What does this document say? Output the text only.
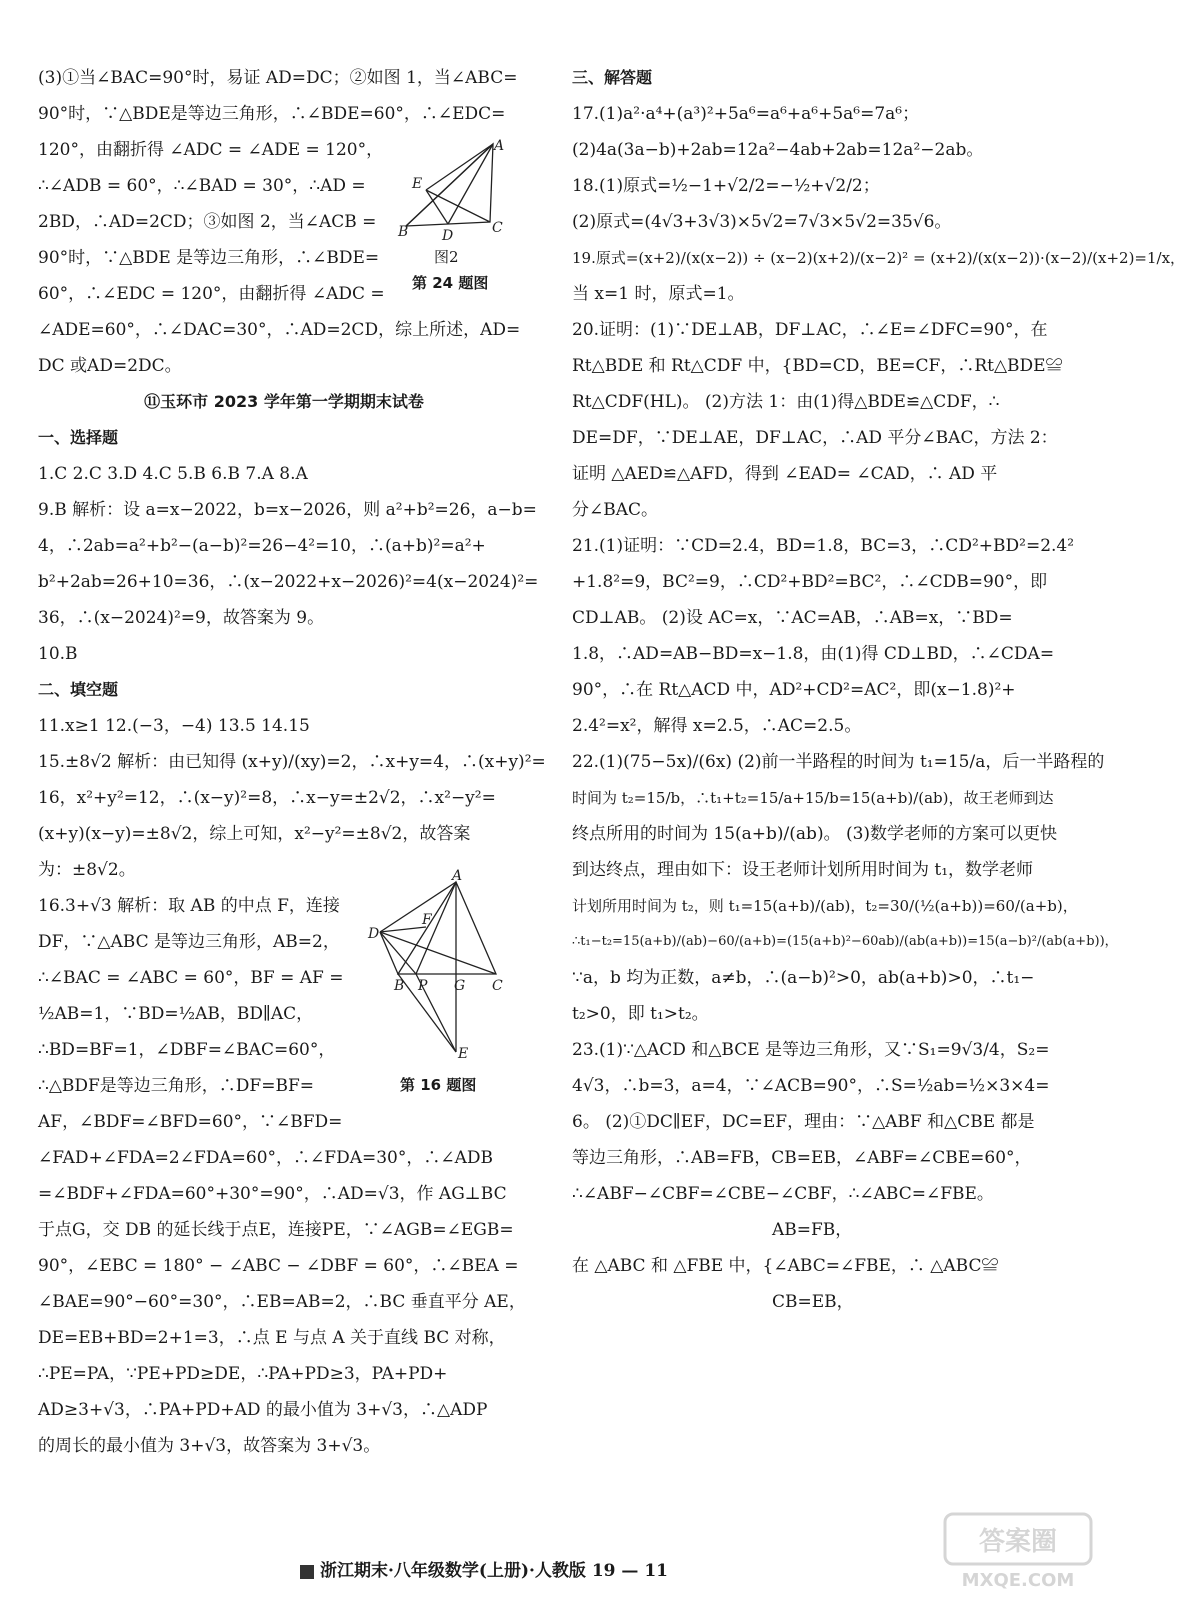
(3)①当∠BAC=90°时，易证 AD=DC；②如图 1，当∠ABC=
90°时，∵△BDE是等边三角形，∴∠BDE=60°，∴∠EDC=
120°，由翻折得 ∠ADC = ∠ADE = 120°，
∴∠ADB = 60°，∴∠BAD = 30°，∴AD =
2BD，∴AD=2CD；③如图 2，当∠ACB =
90°时，∵△BDE 是等边三角形，∴∠BDE=
60°，∴∠EDC = 120°，由翻折得 ∠ADC =
∠ADE=60°，∴∠DAC=30°，∴AD=2CD，综上所述，AD=
DC 或AD=2DC。
⑪玉环市 2023 学年第一学期期末试卷
一、选择题
1.C 2.C 3.D 4.C 5.B 6.B 7.A 8.A
9.B 解析：设 a=x−2022，b=x−2026，则 a²+b²=26，a−b=
4，∴2ab=a²+b²−(a−b)²=26−4²=10，∴(a+b)²=a²+
b²+2ab=26+10=36，∴(x−2022+x−2026)²=4(x−2024)²=
36，∴(x−2024)²=9，故答案为 9。
10.B
二、填空题
11.x≥1 12.(−3，−4) 13.5 14.15
15.±8√2 解析：由已知得 (x+y)/(xy)=2，∴x+y=4，∴(x+y)²=
16，x²+y²=12，∴(x−y)²=8，∴x−y=±2√2，∴x²−y²=
(x+y)(x−y)=±8√2，综上可知，x²−y²=±8√2，故答案
为：±8√2。
16.3+√3 解析：取 AB 的中点 F，连接
DF，∵△ABC 是等边三角形，AB=2，
∴∠BAC = ∠ABC = 60°，BF = AF =
½AB=1，∵BD=½AB，BD∥AC，
∴BD=BF=1，∠DBF=∠BAC=60°，
∴△BDF是等边三角形，∴DF=BF=
AF，∠BDF=∠BFD=60°，∵∠BFD=
∠FAD+∠FDA=2∠FDA=60°，∴∠FDA=30°，∴∠ADB
=∠BDF+∠FDA=60°+30°=90°，∴AD=√3，作 AG⊥BC
于点G，交 DB 的延长线于点E，连接PE，∵∠AGB=∠EGB=
90°，∠EBC = 180° − ∠ABC − ∠DBF = 60°，∴∠BEA =
∠BAE=90°−60°=30°，∴EB=AB=2，∴BC 垂直平分 AE，
DE=EB+BD=2+1=3，∴点 E 与点 A 关于直线 BC 对称，
∴PE=PA，∵PE+PD≥DE，∴PA+PD≥3，PA+PD+
AD≥3+√3，∴PA+PD+AD 的最小值为 3+√3，∴△ADP
的周长的最小值为 3+√3，故答案为 3+√3。
A
E
B D	C
图2
第 24 题图
A
F
D
B P G C
E
第 16 题图
三、解答题
17.(1)a²·a⁴+(a³)²+5a⁶=a⁶+a⁶+5a⁶=7a⁶；
(2)4a(3a−b)+2ab=12a²−4ab+2ab=12a²−2ab。
18.(1)原式=½−1+√2/2=−½+√2/2；
(2)原式=(4√3+3√3)×5√2=7√3×5√2=35√6。
19.原式=(x+2)/(x(x−2)) ÷ (x−2)(x+2)/(x−2)² = (x+2)/(x(x−2))·(x−2)/(x+2)=1/x，
当 x=1 时，原式=1。
20.证明：(1)∵DE⊥AB，DF⊥AC，∴∠E=∠DFC=90°，在
Rt△BDE 和 Rt△CDF 中，{BD=CD，BE=CF，∴Rt△BDE≌
Rt△CDF(HL)。 (2)方法 1：由(1)得△BDE≌△CDF，∴
DE=DF，∵DE⊥AE，DF⊥AC，∴AD 平分∠BAC，方法 2：
证明 △AED≌△AFD，得到 ∠EAD= ∠CAD，∴ AD 平
分∠BAC。
21.(1)证明：∵CD=2.4，BD=1.8，BC=3，∴CD²+BD²=2.4²
+1.8²=9，BC²=9，∴CD²+BD²=BC²，∴∠CDB=90°，即
CD⊥AB。 (2)设 AC=x，∵AC=AB，∴AB=x，∵BD=
1.8，∴AD=AB−BD=x−1.8，由(1)得 CD⊥BD，∴∠CDA=
90°，∴在 Rt△ACD 中，AD²+CD²=AC²，即(x−1.8)²+
2.4²=x²，解得 x=2.5，∴AC=2.5。
22.(1)(75−5x)/(6x) (2)前一半路程的时间为 t₁=15/a，后一半路程的
时间为 t₂=15/b，∴t₁+t₂=15/a+15/b=15(a+b)/(ab)，故王老师到达
终点所用的时间为 15(a+b)/(ab)。 (3)数学老师的方案可以更快
到达终点，理由如下：设王老师计划所用时间为 t₁，数学老师
计划所用时间为 t₂，则 t₁=15(a+b)/(ab)，t₂=30/(½(a+b))=60/(a+b)，
∴t₁−t₂=15(a+b)/(ab)−60/(a+b)=(15(a+b)²−60ab)/(ab(a+b))=15(a−b)²/(ab(a+b))，
∵a，b 均为正数，a≠b，∴(a−b)²>0，ab(a+b)>0，∴t₁−
t₂>0，即 t₁>t₂。
23.(1)∵△ACD 和△BCE 是等边三角形，又∵S₁=9√3/4，S₂=
4√3，∴b=3，a=4，∵∠ACB=90°，∴S=½ab=½×3×4=
6。 (2)①DC∥EF，DC=EF，理由：∵△ABF 和△CBE 都是
等边三角形，∴AB=FB，CB=EB，∠ABF=∠CBE=60°，
∴∠ABF−∠CBF=∠CBE−∠CBF，∴∠ABC=∠FBE。
AB=FB，
在 △ABC 和 △FBE 中，{∠ABC=∠FBE，∴ △ABC≌
CB=EB，
浙江期末·八年级数学(上册)·人教版 19 — 11
答案圈
MXQE.COM
